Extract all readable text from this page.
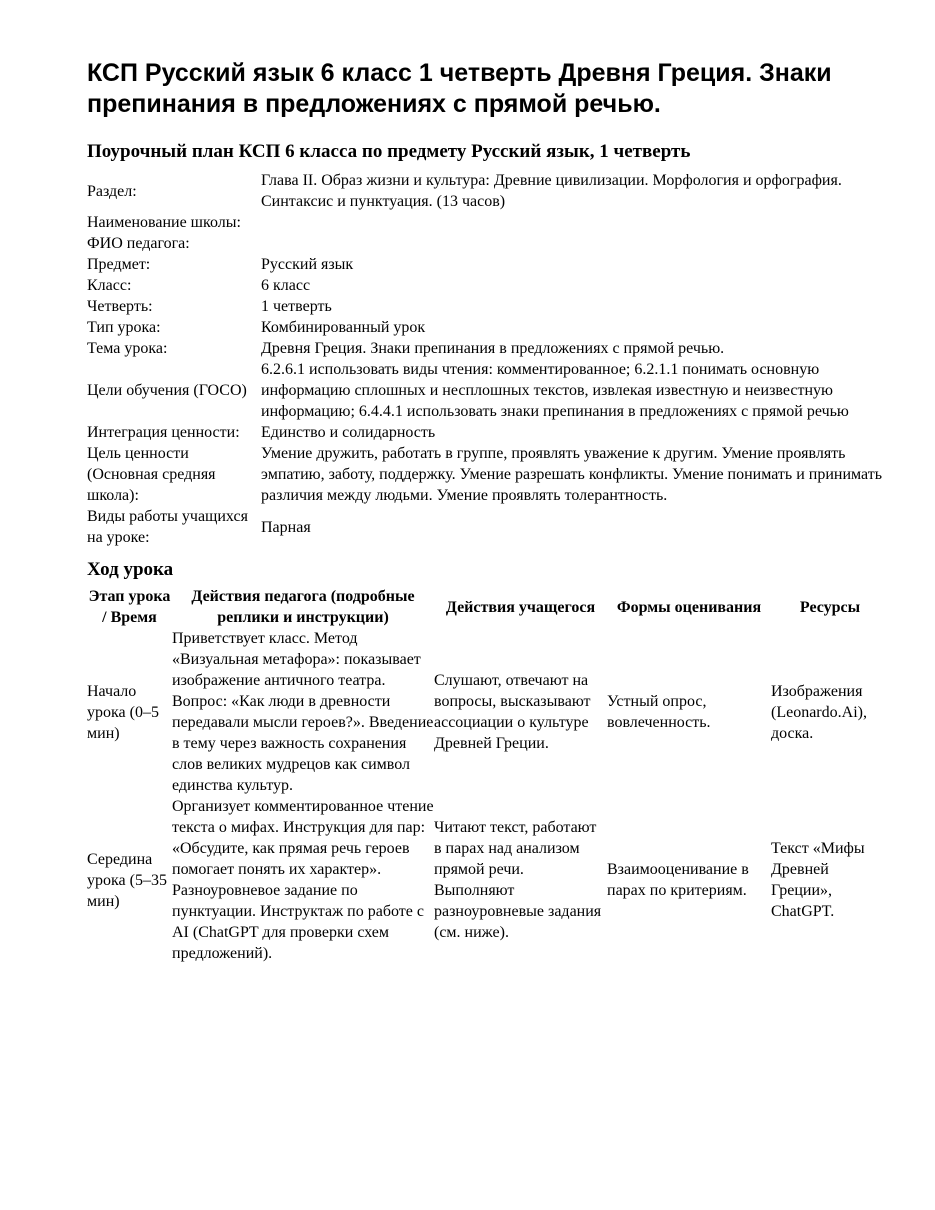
КСП Русский язык 6 класс 1 четверть Древня Греция. Знаки препинания в предложениях с прямой речью.
Поурочный план КСП 6 класса по предмету Русский язык, 1 четверть
Раздел:	Глава II. Образ жизни и культура: Древние цивилизации. Морфология и орфография. Синтаксис и пунктуация. (13 часов)
Наименование школы:	
ФИО педагога:	
Предмет:	Русский язык
Класс:	6 класс
Четверть:	1 четверть
Тип урока:	Комбинированный урок
Тема урока:	Древня Греция. Знаки препинания в предложениях с прямой речью.
Цели обучения (ГОСО)	6.2.6.1 использовать виды чтения: комментированное; 6.2.1.1 понимать основную информацию сплошных и несплошных текстов, извлекая известную и неизвестную информацию; 6.4.4.1 использовать знаки препинания в предложениях с прямой речью
Интеграция ценности:	Единство и солидарность
Цель ценности (Основная средняя школа):	Умение дружить, работать в группе, проявлять уважение к другим. Умение проявлять эмпатию, заботу, поддержку. Умение разрешать конфликты. Умение понимать и принимать различия между людьми. Умение проявлять толерантность.
Виды работы учащихся на уроке:	Парная
Ход урока
Этап урока / Время	Действия педагога (подробные реплики и инструкции)	Действия учащегося	Формы оценивания	Ресурсы
Начало урока (0–5 мин)	Приветствует класс. Метод «Визуальная метафора»: показывает изображение античного театра. Вопрос: «Как люди в древности передавали мысли героев?». Введение в тему через важность сохранения слов великих мудрецов как символ единства культур.	Слушают, отвечают на вопросы, высказывают ассоциации о культуре Древней Греции.	Устный опрос, вовлеченность.	Изображения (Leonardo.Ai), доска.
Середина урока (5–35 мин)	Организует комментированное чтение текста о мифах. Инструкция для пар: «Обсудите, как прямая речь героев помогает понять их характер». Разноуровневое задание по пунктуации. Инструктаж по работе с AI (ChatGPT для проверки схем предложений).	Читают текст, работают в парах над анализом прямой речи. Выполняют разноуровневые задания (см. ниже).	Взаимооценивание в парах по критериям.	Текст «Мифы Древней Греции», ChatGPT.
